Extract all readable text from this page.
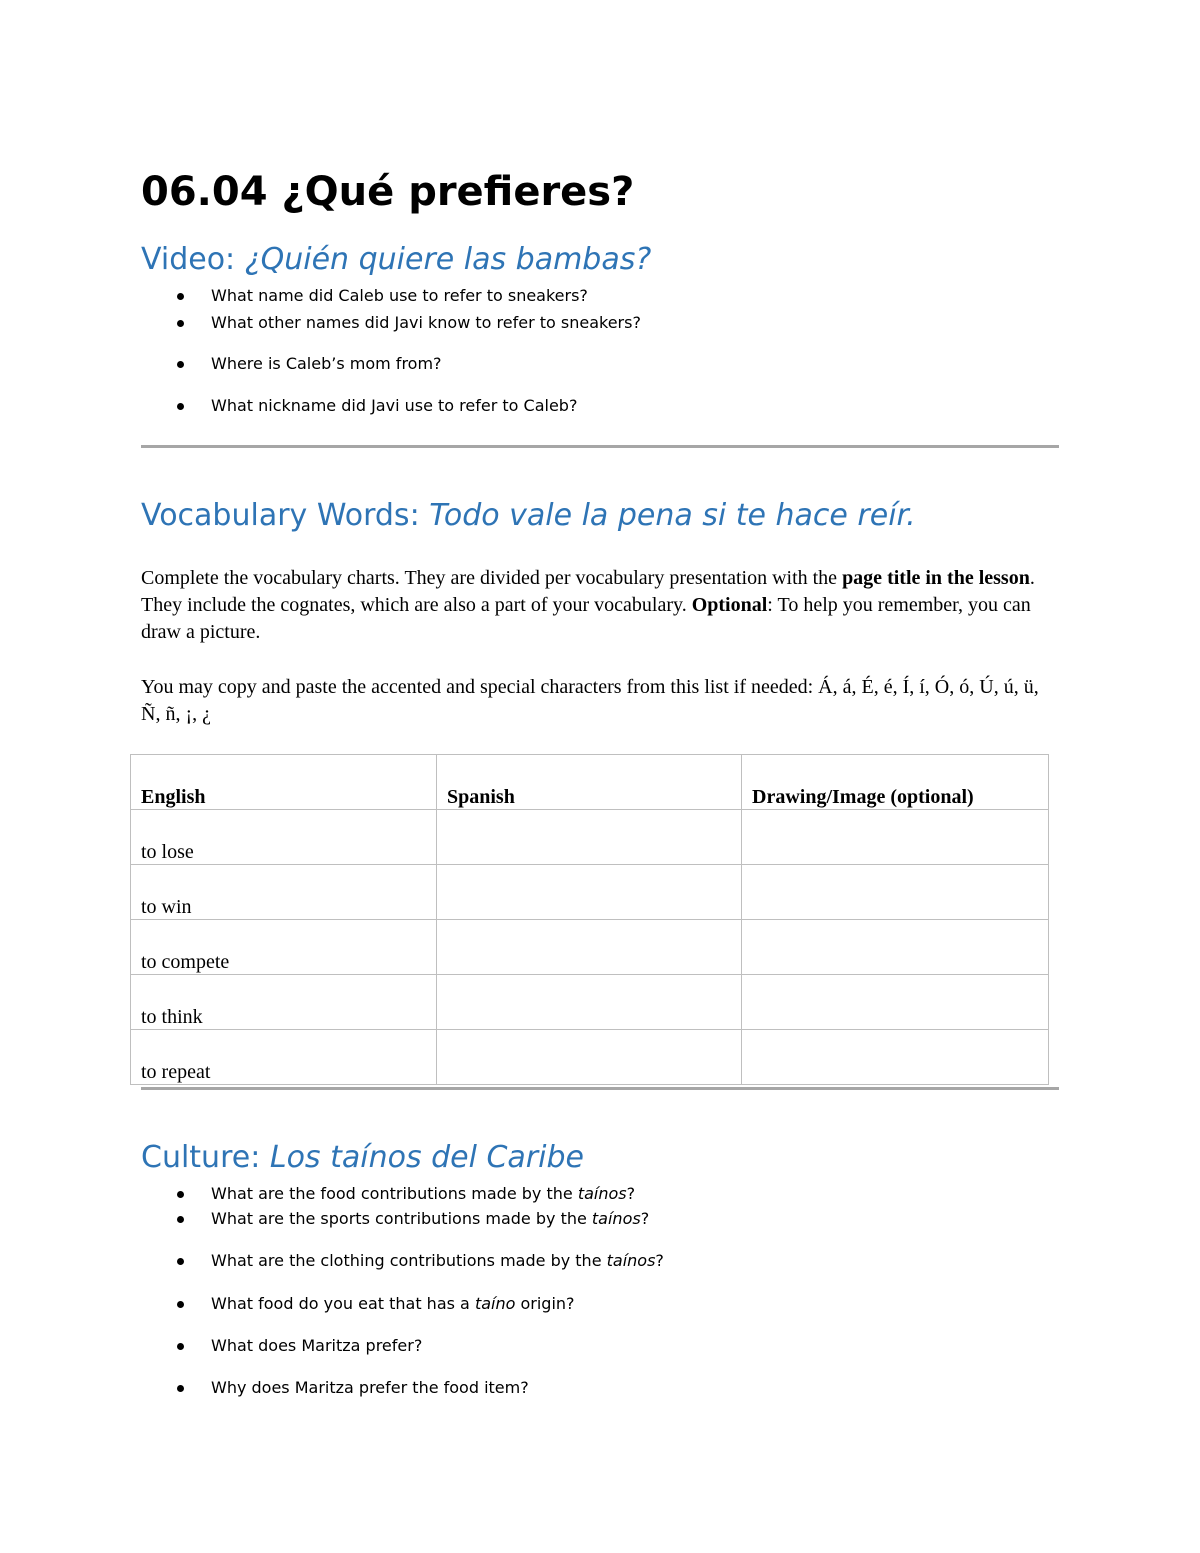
06.04 ¿Qué prefieres?
Video: ¿Quién quiere las bambas?
What name did Caleb use to refer to sneakers?
What other names did Javi know to refer to sneakers?
Where is Caleb’s mom from?
What nickname did Javi use to refer to Caleb?
Vocabulary Words: Todo vale la pena si te hace reír.

Complete the vocabulary charts. They are divided per vocabulary presentation with the page title in the lesson. They include the cognates, which are also a part of your vocabulary. Optional: To help you remember, you can draw a picture.

You may copy and paste the accented and special characters from this list if needed: Á, á, É, é, Í, í, Ó, ó, Ú, ú, ü, Ñ, ñ, ¡, ¿

Culture: Los taínos del Caribe
What are the food contributions made by the taínos?
What are the sports contributions made by the taínos?
What are the clothing contributions made by the taínos?
What food do you eat that has a taíno origin?
What does Maritza prefer?
Why does Maritza prefer the food item?
English	Spanish	Drawing/Image (optional)
to lose		
to win		
to compete		
to think		
to repeat		
